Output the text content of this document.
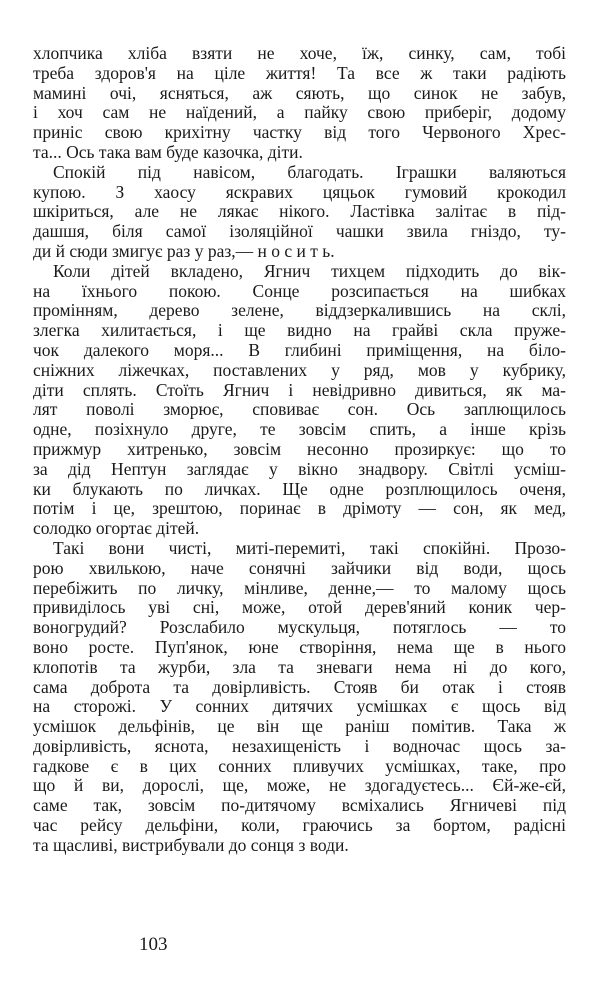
хлопчика хліба взяти не хоче, їж, синку, сам, тобі
треба здоров'я на ціле життя! Та все ж таки радіють
мамині очі, ясняться, аж сяють, що синок не забув,
і хоч сам не наїдений, а пайку свою приберіг, додому
приніс свою крихітну частку від того Червоного Хрес-
та... Ось така вам буде казочка, діти.
Спокій під навісом, благодать. Іграшки валяються
купою. З хаосу яскравих цяцьок гумовий крокодил
шкіриться, але не лякає нікого. Ластівка залітає в під-
дашшя, біля самої ізоляційної чашки звила гніздо, ту-
ди й сюди змигує раз у раз,— н о с и т ь.
Коли дітей вкладено, Ягнич тихцем підходить до вік-
на їхнього покою. Сонце розсипається на шибках
промінням, дерево зелене, віддзеркалившись на склі,
злегка хилитається, і ще видно на грайві скла пруже-
чок далекого моря... В глибині приміщення, на біло-
сніжних ліжечках, поставлених у ряд, мов у кубрику,
діти сплять. Стоїть Ягнич і невідривно дивиться, як ма-
лят поволі зморює, сповиває сон. Ось заплющилось
одне, позіхнуло друге, те зовсім спить, а інше крізь
прижмур хитренько, зовсім несонно прозиркує: що то
за дід Нептун заглядає у вікно знадвору. Світлі усміш-
ки блукають по личках. Ще одне розплющилось оченя,
потім і це, зрештою, поринає в дрімоту — сон, як мед,
солодко огортає дітей.
Такі вони чисті, миті-перемиті, такі спокійні. Прозо-
рою хвилькою, наче сонячні зайчики від води, щось
перебіжить по личку, мінливе, денне,— то малому щось
привиділось уві сні, може, отой дерев'яний коник чер-
воногрудий? Розслабило мускульця, потяглось — то
воно росте. Пуп'янок, юне створіння, нема ще в нього
клопотів та журби, зла та зневаги нема ні до кого,
сама доброта та довірливість. Стояв би отак і стояв
на сторожі. У сонних дитячих усмішках є щось від
усмішок дельфінів, це він ще раніш помітив. Така ж
довірливість, яснота, незахищеність і водночас щось за-
гадкове є в цих сонних пливучих усмішках, таке, про
що й ви, дорослі, ще, може, не здогадуєтесь... Єй-же-єй,
саме так, зовсім по-дитячому всміхались Ягничеві під
час рейсу дельфіни, коли, граючись за бортом, радісні
та щасливі, вистрибували до сонця з води.
103
